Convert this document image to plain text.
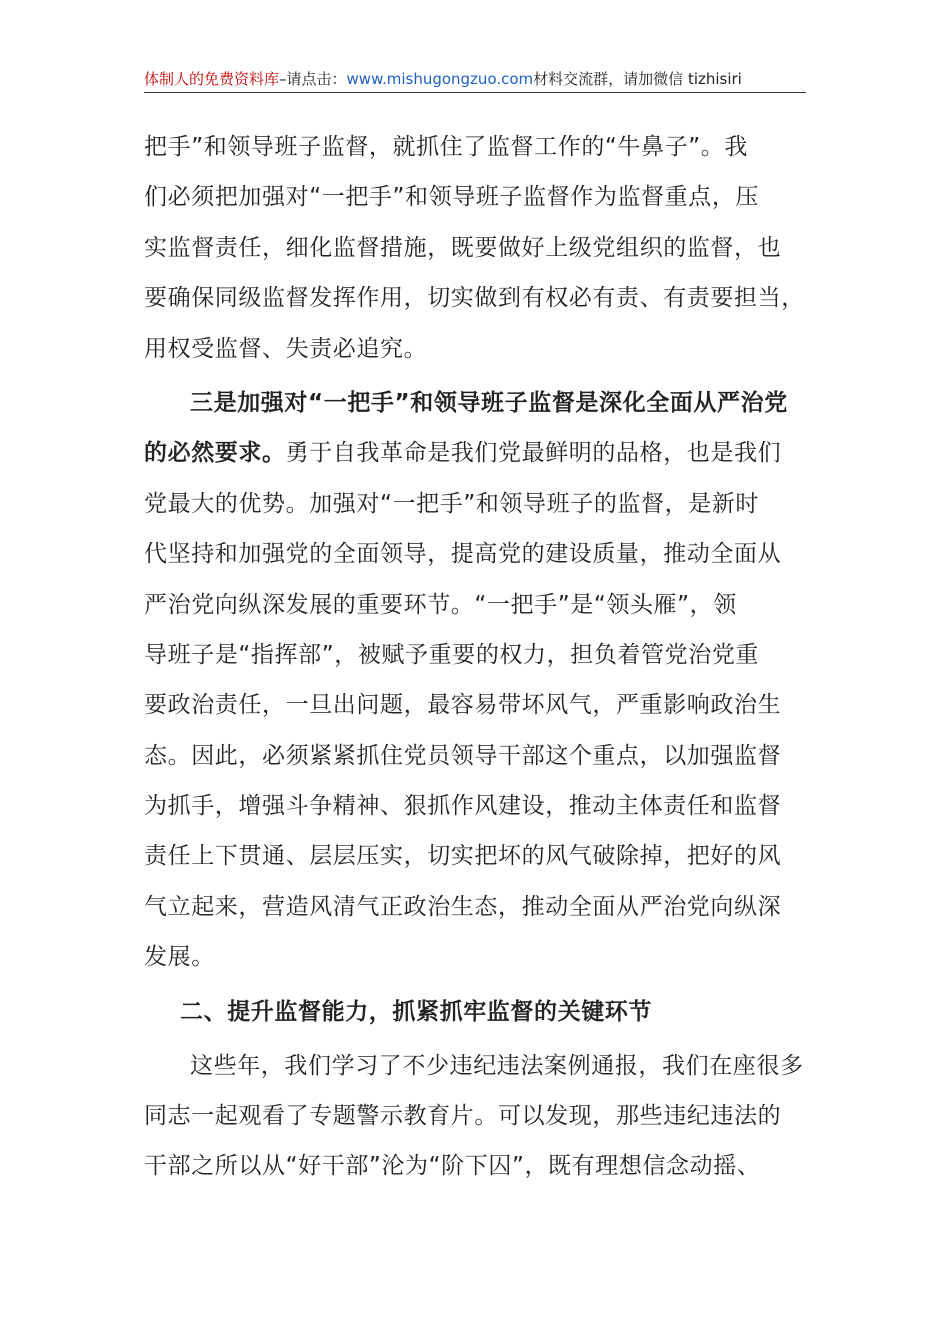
体制人的免费资料库–请点击：www.mishugongzuo.com材料交流群，请加微信 tizhisiri
把手”和领导班子监督，就抓住了监督工作的“牛鼻子”。我
们必须把加强对“一把手”和领导班子监督作为监督重点，压
实监督责任，细化监督措施，既要做好上级党组织的监督，也
要确保同级监督发挥作用，切实做到有权必有责、有责要担当，
用权受监督、失责必追究。
三是加强对“一把手”和领导班子监督是深化全面从严治党
的必然要求。勇于自我革命是我们党最鲜明的品格，也是我们
党最大的优势。加强对“一把手”和领导班子的监督，是新时
代坚持和加强党的全面领导，提高党的建设质量，推动全面从
严治党向纵深发展的重要环节。“一把手”是“领头雁”，领
导班子是“指挥部”，被赋予重要的权力，担负着管党治党重
要政治责任，一旦出问题，最容易带坏风气，严重影响政治生
态。因此，必须紧紧抓住党员领导干部这个重点，以加强监督
为抓手，增强斗争精神、狠抓作风建设，推动主体责任和监督
责任上下贯通、层层压实，切实把坏的风气破除掉，把好的风
气立起来，营造风清气正政治生态，推动全面从严治党向纵深
发展。
二、提升监督能力，抓紧抓牢监督的关键环节
这些年，我们学习了不少违纪违法案例通报，我们在座很多
同志一起观看了专题警示教育片。可以发现，那些违纪违法的
干部之所以从“好干部”沦为“阶下囚”，既有理想信念动摇、
